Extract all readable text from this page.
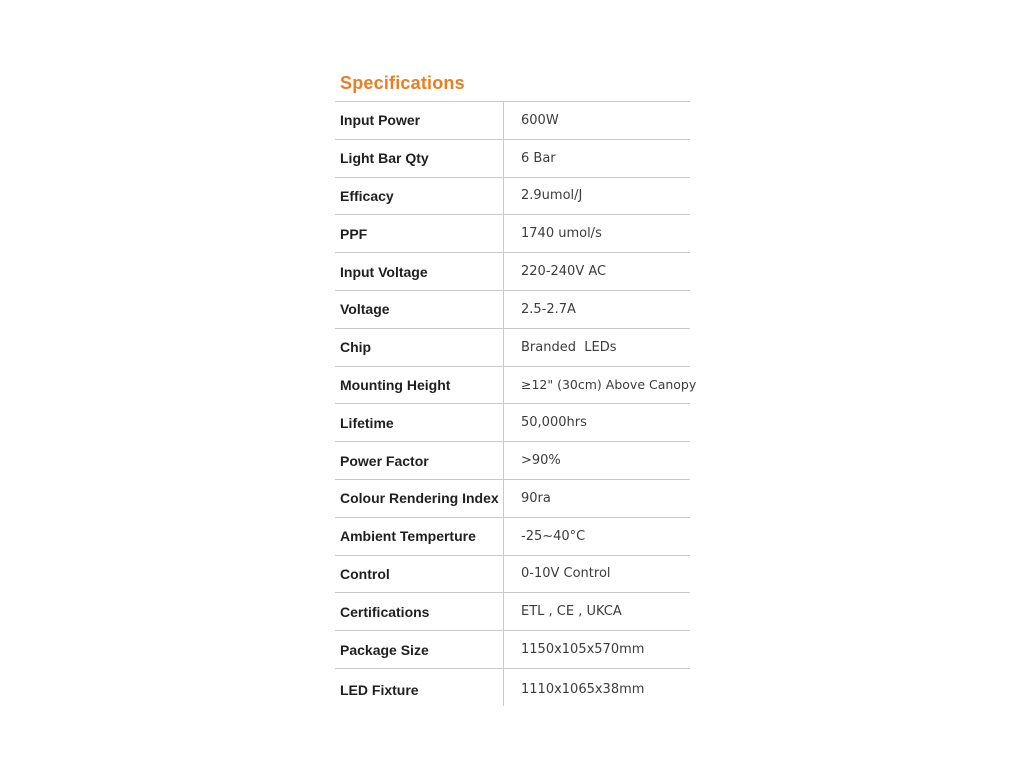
Specifications
Input Power	600W
Light Bar Qty	6 Bar
Efficacy	2.9umol/J
PPF	1740 umol/s
Input Voltage	220-240V AC
Voltage	2.5-2.7A
Chip	Branded  LEDs
Mounting Height	≥12" (30cm) Above Canopy
Lifetime	50,000hrs
Power Factor	>90%
Colour Rendering Index	90ra
Ambient Temperture	-25~40°C
Control	0-10V Control
Certifications	ETL , CE , UKCA
Package Size	1150x105x570mm
LED Fixture	1110x1065x38mm
